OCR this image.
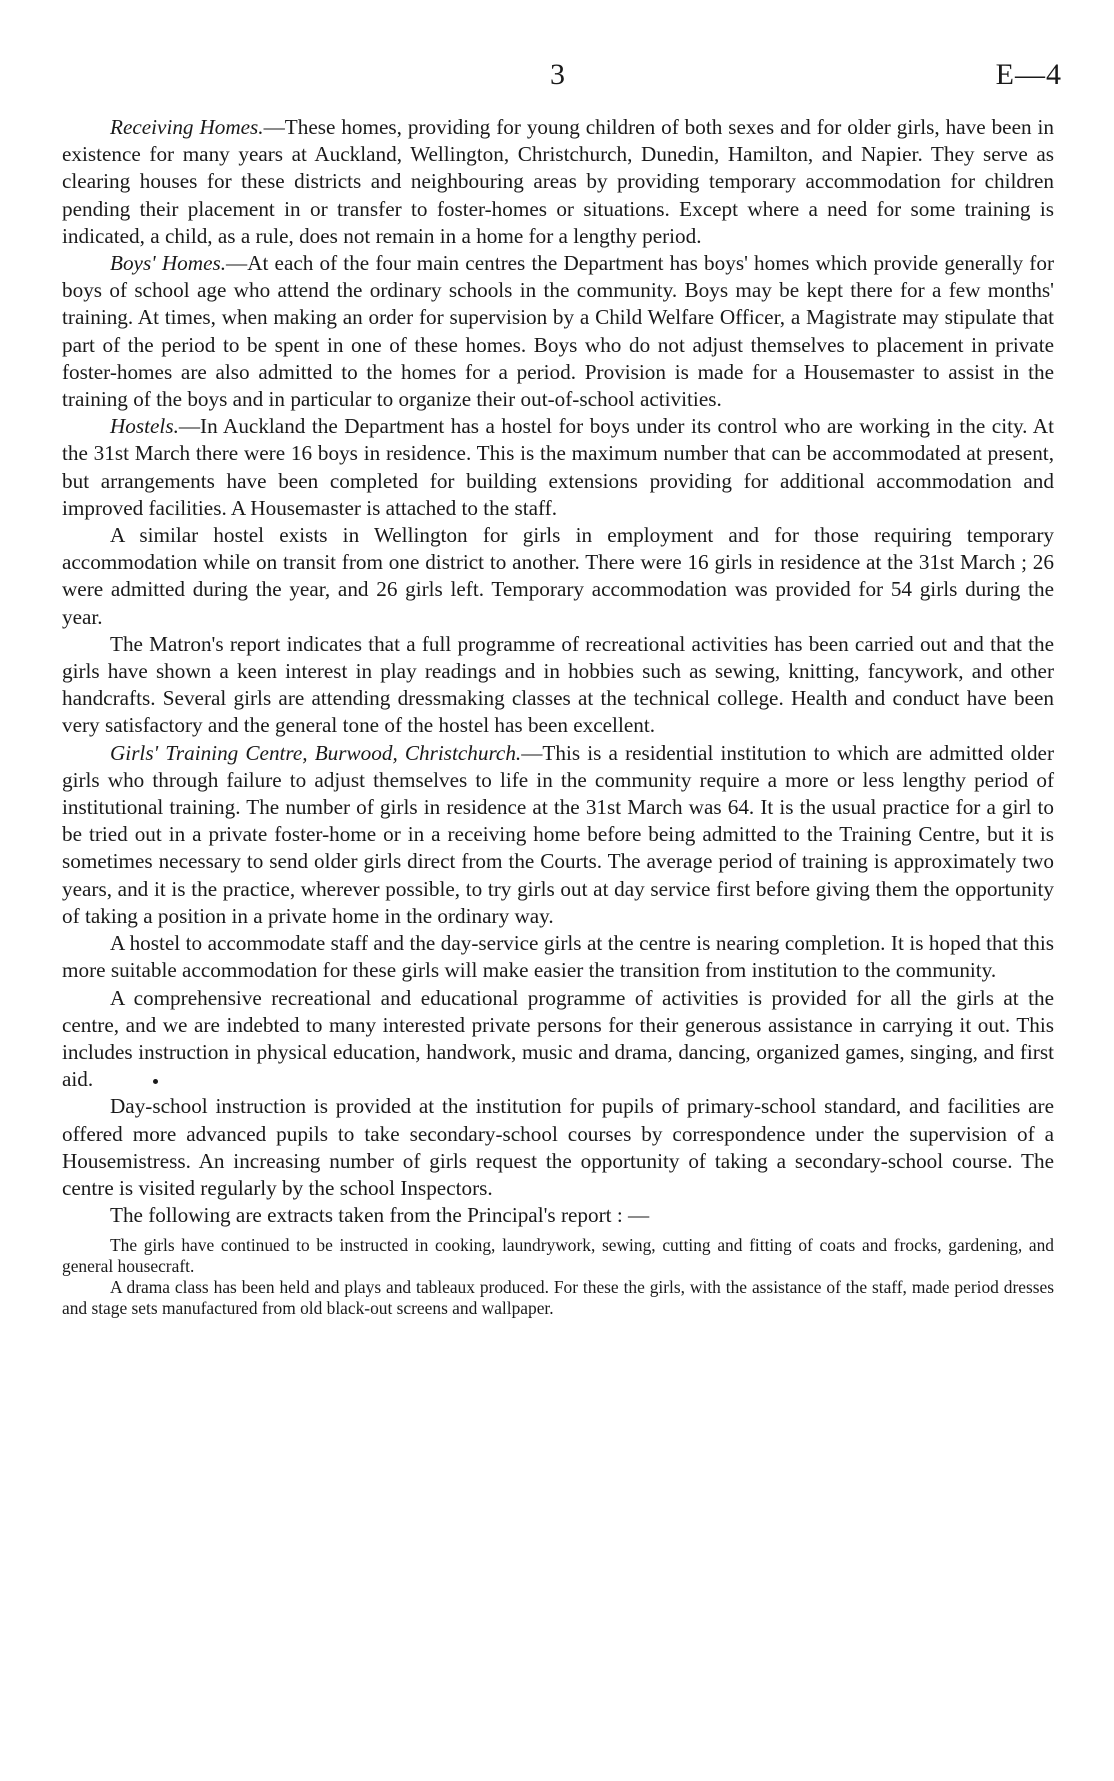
3	E—4

Receiving Homes.—These homes, providing for young children of both sexes and for older girls, have been in existence for many years at Auckland, Wellington, Christchurch, Dunedin, Hamilton, and Napier. They serve as clearing houses for these districts and neighbouring areas by providing temporary accommodation for children pending their placement in or transfer to foster-homes or situations. Except where a need for some training is indicated, a child, as a rule, does not remain in a home for a lengthy period.

Boys' Homes.—At each of the four main centres the Department has boys' homes which provide generally for boys of school age who attend the ordinary schools in the community. Boys may be kept there for a few months' training. At times, when making an order for supervision by a Child Welfare Officer, a Magistrate may stipulate that part of the period to be spent in one of these homes. Boys who do not adjust themselves to placement in private foster-homes are also admitted to the homes for a period. Provision is made for a Housemaster to assist in the training of the boys and in particular to organize their out-of-school activities.

Hostels.—In Auckland the Department has a hostel for boys under its control who are working in the city. At the 31st March there were 16 boys in residence. This is the maximum number that can be accommodated at present, but arrangements have been completed for building extensions providing for additional accommodation and improved facilities. A Housemaster is attached to the staff.

A similar hostel exists in Wellington for girls in employment and for those requiring temporary accommodation while on transit from one district to another. There were 16 girls in residence at the 31st March ; 26 were admitted during the year, and 26 girls left. Temporary accommodation was provided for 54 girls during the year.

The Matron's report indicates that a full programme of recreational activities has been carried out and that the girls have shown a keen interest in play readings and in hobbies such as sewing, knitting, fancywork, and other handcrafts. Several girls are attending dressmaking classes at the technical college. Health and conduct have been very satisfactory and the general tone of the hostel has been excellent.

Girls' Training Centre, Burwood, Christchurch.—This is a residential institution to which are admitted older girls who through failure to adjust themselves to life in the community require a more or less lengthy period of institutional training. The number of girls in residence at the 31st March was 64. It is the usual practice for a girl to be tried out in a private foster-home or in a receiving home before being admitted to the Training Centre, but it is sometimes necessary to send older girls direct from the Courts. The average period of training is approximately two years, and it is the practice, wherever possible, to try girls out at day service first before giving them the opportunity of taking a position in a private home in the ordinary way.

A hostel to accommodate staff and the day-service girls at the centre is nearing completion. It is hoped that this more suitable accommodation for these girls will make easier the transition from institution to the community.

A comprehensive recreational and educational programme of activities is provided for all the girls at the centre, and we are indebted to many interested private persons for their generous assistance in carrying it out. This includes instruction in physical education, handwork, music and drama, dancing, organized games, singing, and first aid.

Day-school instruction is provided at the institution for pupils of primary-school standard, and facilities are offered more advanced pupils to take secondary-school courses by correspondence under the supervision of a Housemistress. An increasing number of girls request the opportunity of taking a secondary-school course. The centre is visited regularly by the school Inspectors.

The following are extracts taken from the Principal's report : —

The girls have continued to be instructed in cooking, laundrywork, sewing, cutting and fitting of coats and frocks, gardening, and general housecraft.

A drama class has been held and plays and tableaux produced. For these the girls, with the assistance of the staff, made period dresses and stage sets manufactured from old black-out screens and wallpaper.
